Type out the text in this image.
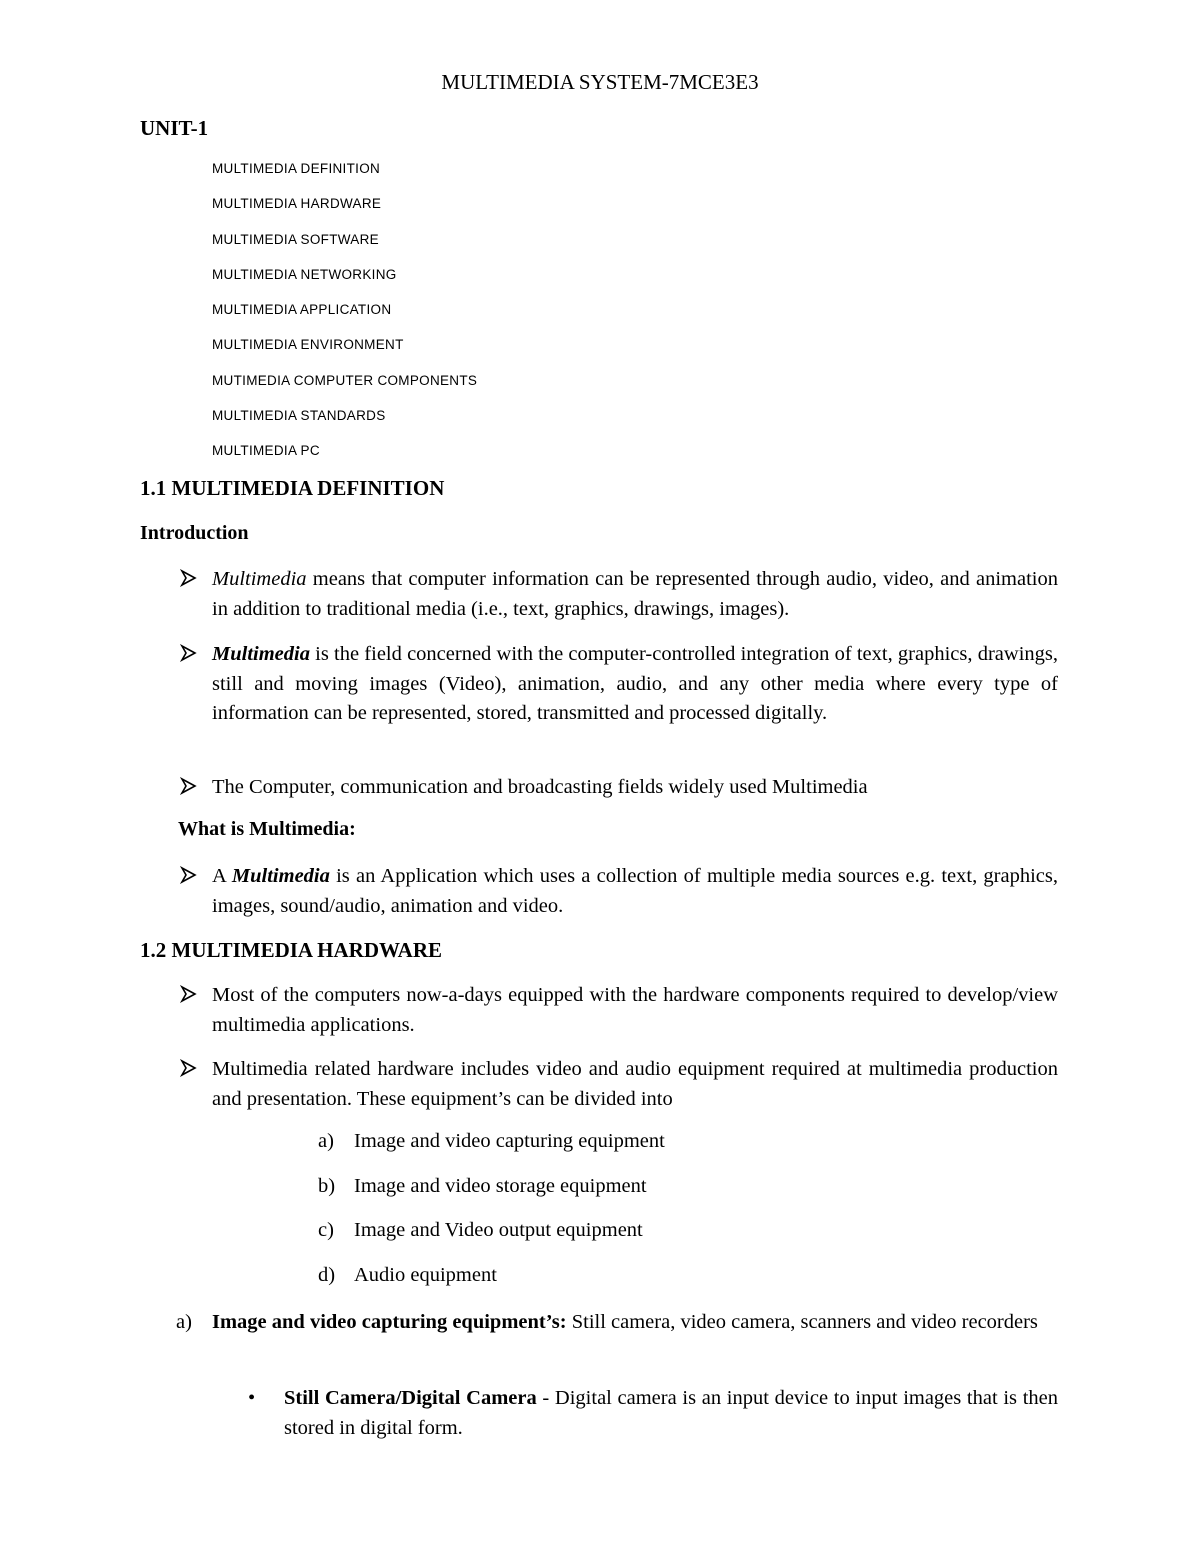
MULTIMEDIA SYSTEM-7MCE3E3
UNIT-1
MULTIMEDIA DEFINITION
MULTIMEDIA HARDWARE
MULTIMEDIA SOFTWARE
MULTIMEDIA NETWORKING
MULTIMEDIA APPLICATION
MULTIMEDIA ENVIRONMENT
MUTIMEDIA COMPUTER COMPONENTS
MULTIMEDIA STANDARDS
MULTIMEDIA PC
1.1 MULTIMEDIA DEFINITION
Introduction
Multimedia means that computer information can be represented through audio, video, and animation in addition to traditional media (i.e., text, graphics, drawings, images).
Multimedia is the field concerned with the computer-controlled integration of text, graphics, drawings, still and moving images (Video), animation, audio, and any other media where every type of information can be represented, stored, transmitted and processed digitally.
The Computer, communication and broadcasting fields widely used Multimedia
What is Multimedia:
A Multimedia is an Application which uses a collection of multiple media sources e.g. text, graphics, images, sound/audio, animation and video.
1.2 MULTIMEDIA HARDWARE
Most of the computers now-a-days equipped with the hardware components required to develop/view multimedia applications.
Multimedia related hardware includes video and audio equipment required at multimedia production and presentation. These equipment’s can be divided into
a) Image and video capturing equipment
b) Image and video storage equipment
c) Image and Video output equipment
d) Audio equipment
a) Image and video capturing equipment’s: Still camera, video camera, scanners and video recorders
• Still Camera/Digital Camera - Digital camera is an input device to input images that is then stored in digital form.
